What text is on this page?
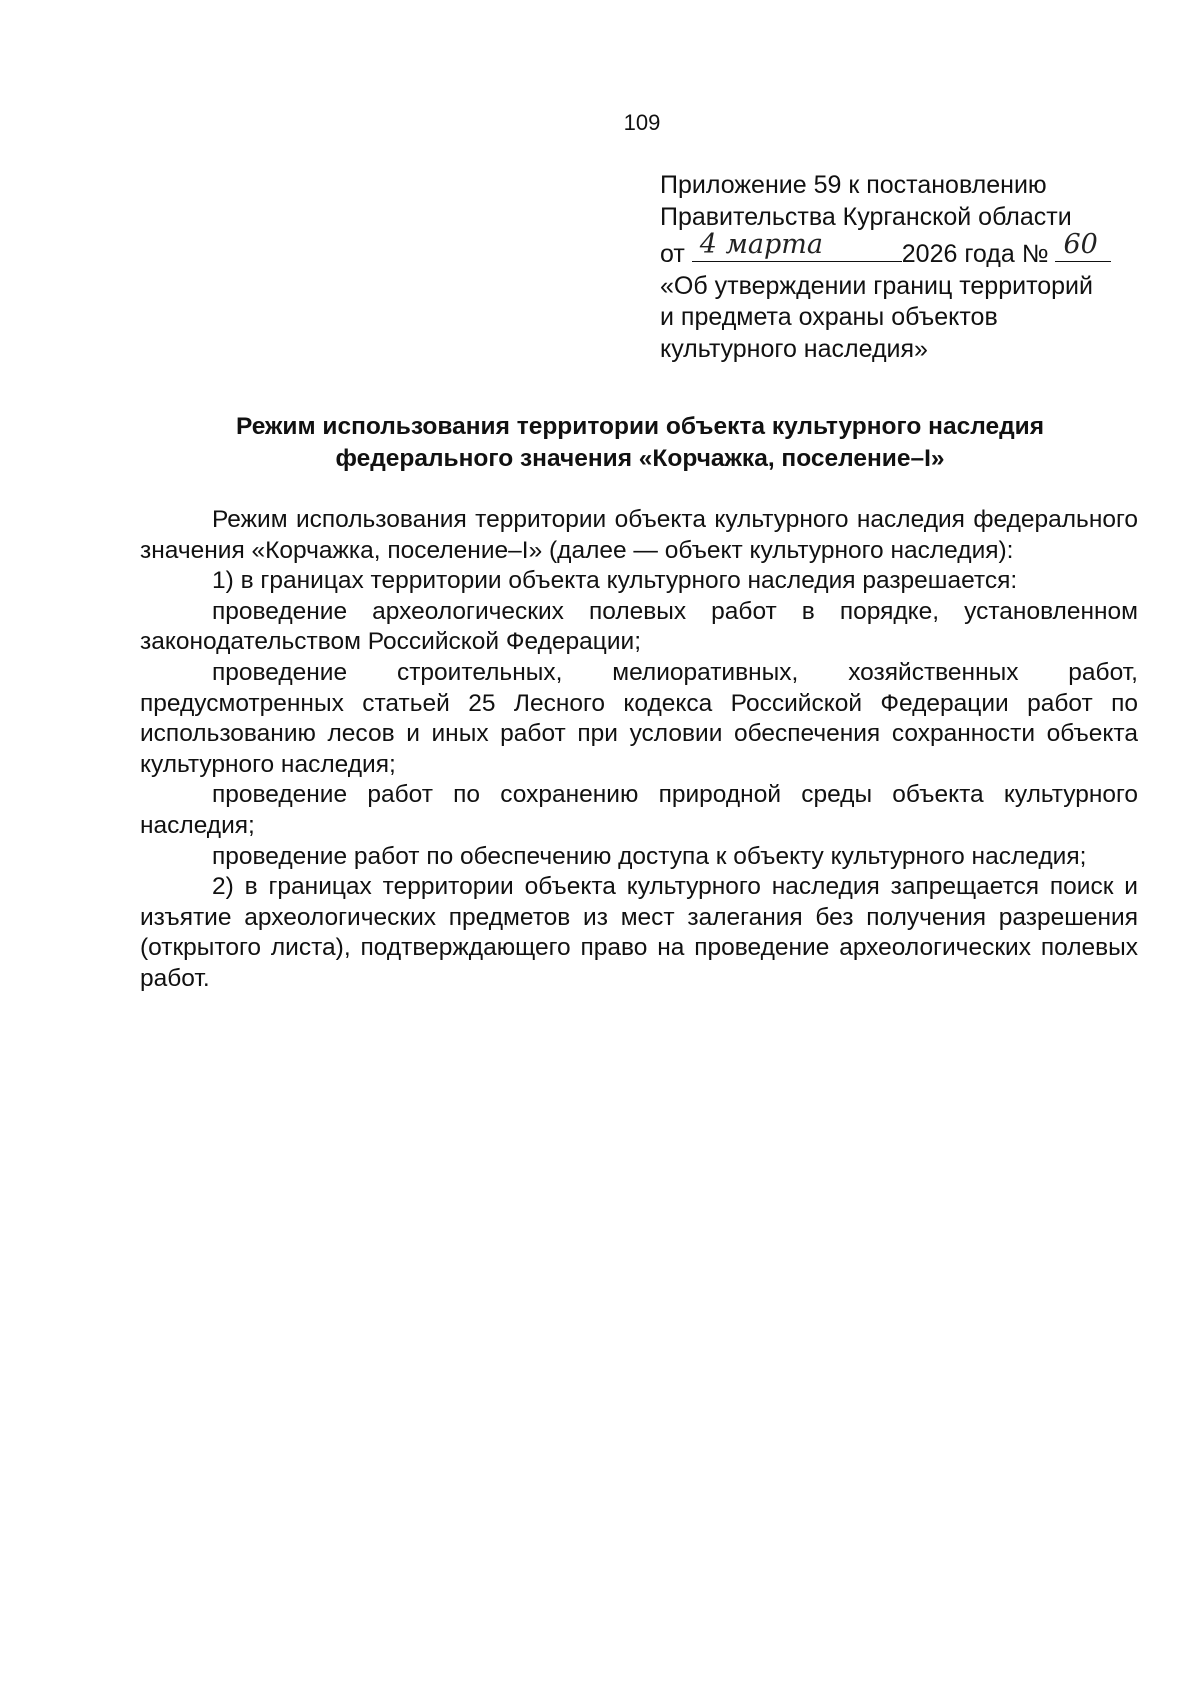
109
Приложение 59 к постановлению
Правительства Курганской области
от 4 марта	2026 года № 60
«Об утверждении границ территорий
и предмета охраны объектов
культурного наследия»
Режим использования территории объекта культурного наследия
федерального значения «Корчажка, поселение–I»

Режим использования территории объекта культурного наследия федерального значения «Корчажка, поселение–I» (далее — объект культурного наследия):

1) в границах территории объекта культурного наследия разрешается:

проведение археологических полевых работ в порядке, установленном законодательством Российской Федерации;

проведение строительных, мелиоративных, хозяйственных работ, предусмотренных статьей 25 Лесного кодекса Российской Федерации работ по использованию лесов и иных работ при условии обеспечения сохранности объекта культурного наследия;

проведение работ по сохранению природной среды объекта культурного наследия;

проведение работ по обеспечению доступа к объекту культурного наследия;

2) в границах территории объекта культурного наследия запрещается поиск и изъятие археологических предметов из мест залегания без получения разрешения (открытого листа), подтверждающего право на проведение археологических полевых работ.
